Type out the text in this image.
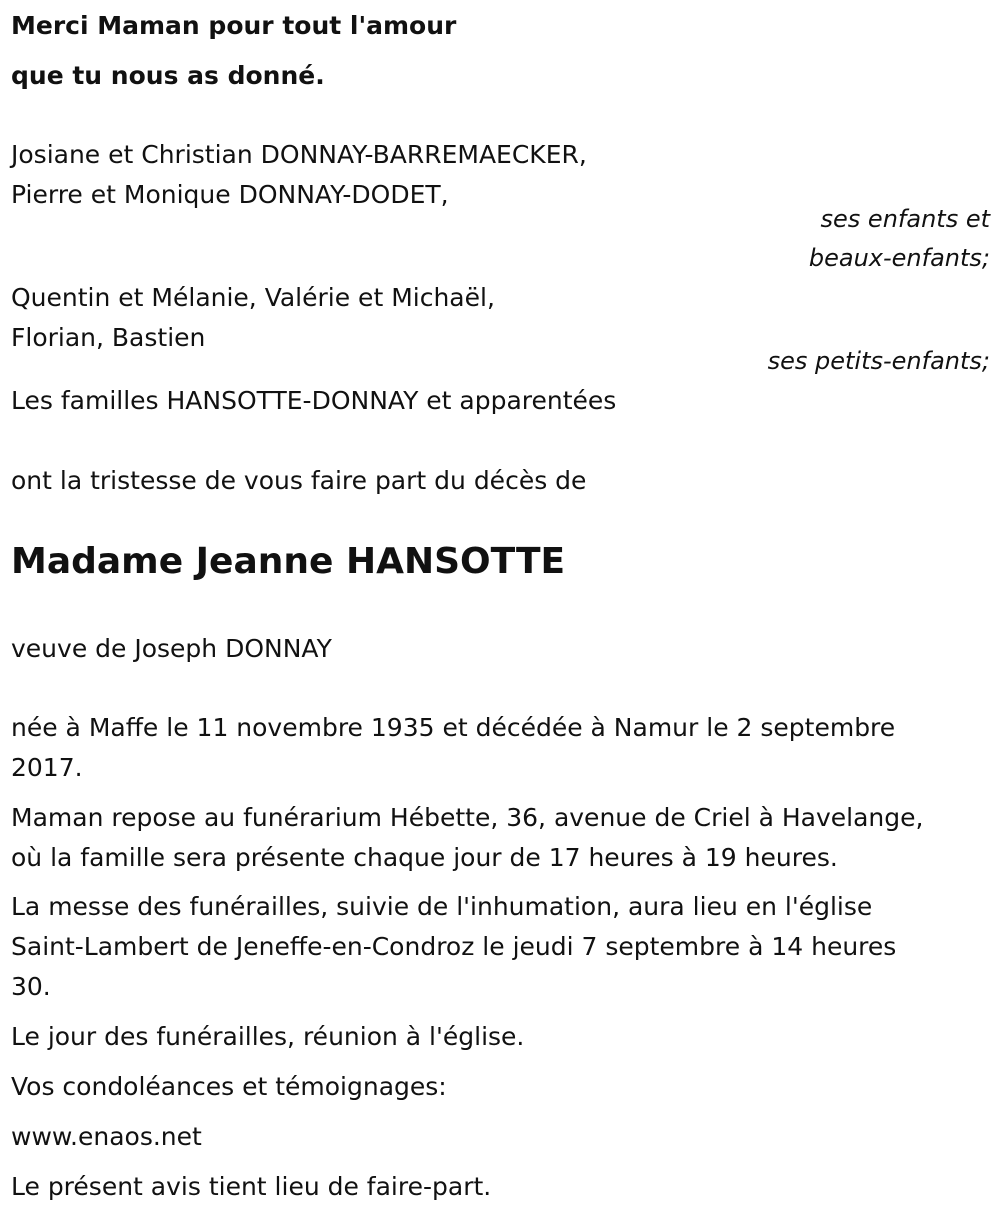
Merci Maman pour tout l'amour

que tu nous as donné.

Josiane et Christian DONNAY-BARREMAECKER,

Pierre et Monique DONNAY-DODET,

ses enfants et

beaux-enfants;

Quentin et Mélanie, Valérie et Michaël,

Florian, Bastien

ses petits-enfants;

Les familles HANSOTTE-DONNAY et apparentées

ont la tristesse de vous faire part du décès de

Madame Jeanne HANSOTTE

veuve de Joseph DONNAY

née à Maffe le 11 novembre 1935 et décédée à Namur le 2 septembre

2017.

Maman repose au funérarium Hébette, 36, avenue de Criel à Havelange,

où la famille sera présente chaque jour de 17 heures à 19 heures.

La messe des funérailles, suivie de l'inhumation, aura lieu en l'église

Saint-Lambert de Jeneffe-en-Condroz le jeudi 7 septembre à 14 heures

30.

Le jour des funérailles, réunion à l'église.

Vos condoléances et témoignages:

www.enaos.net

Le présent avis tient lieu de faire-part.
